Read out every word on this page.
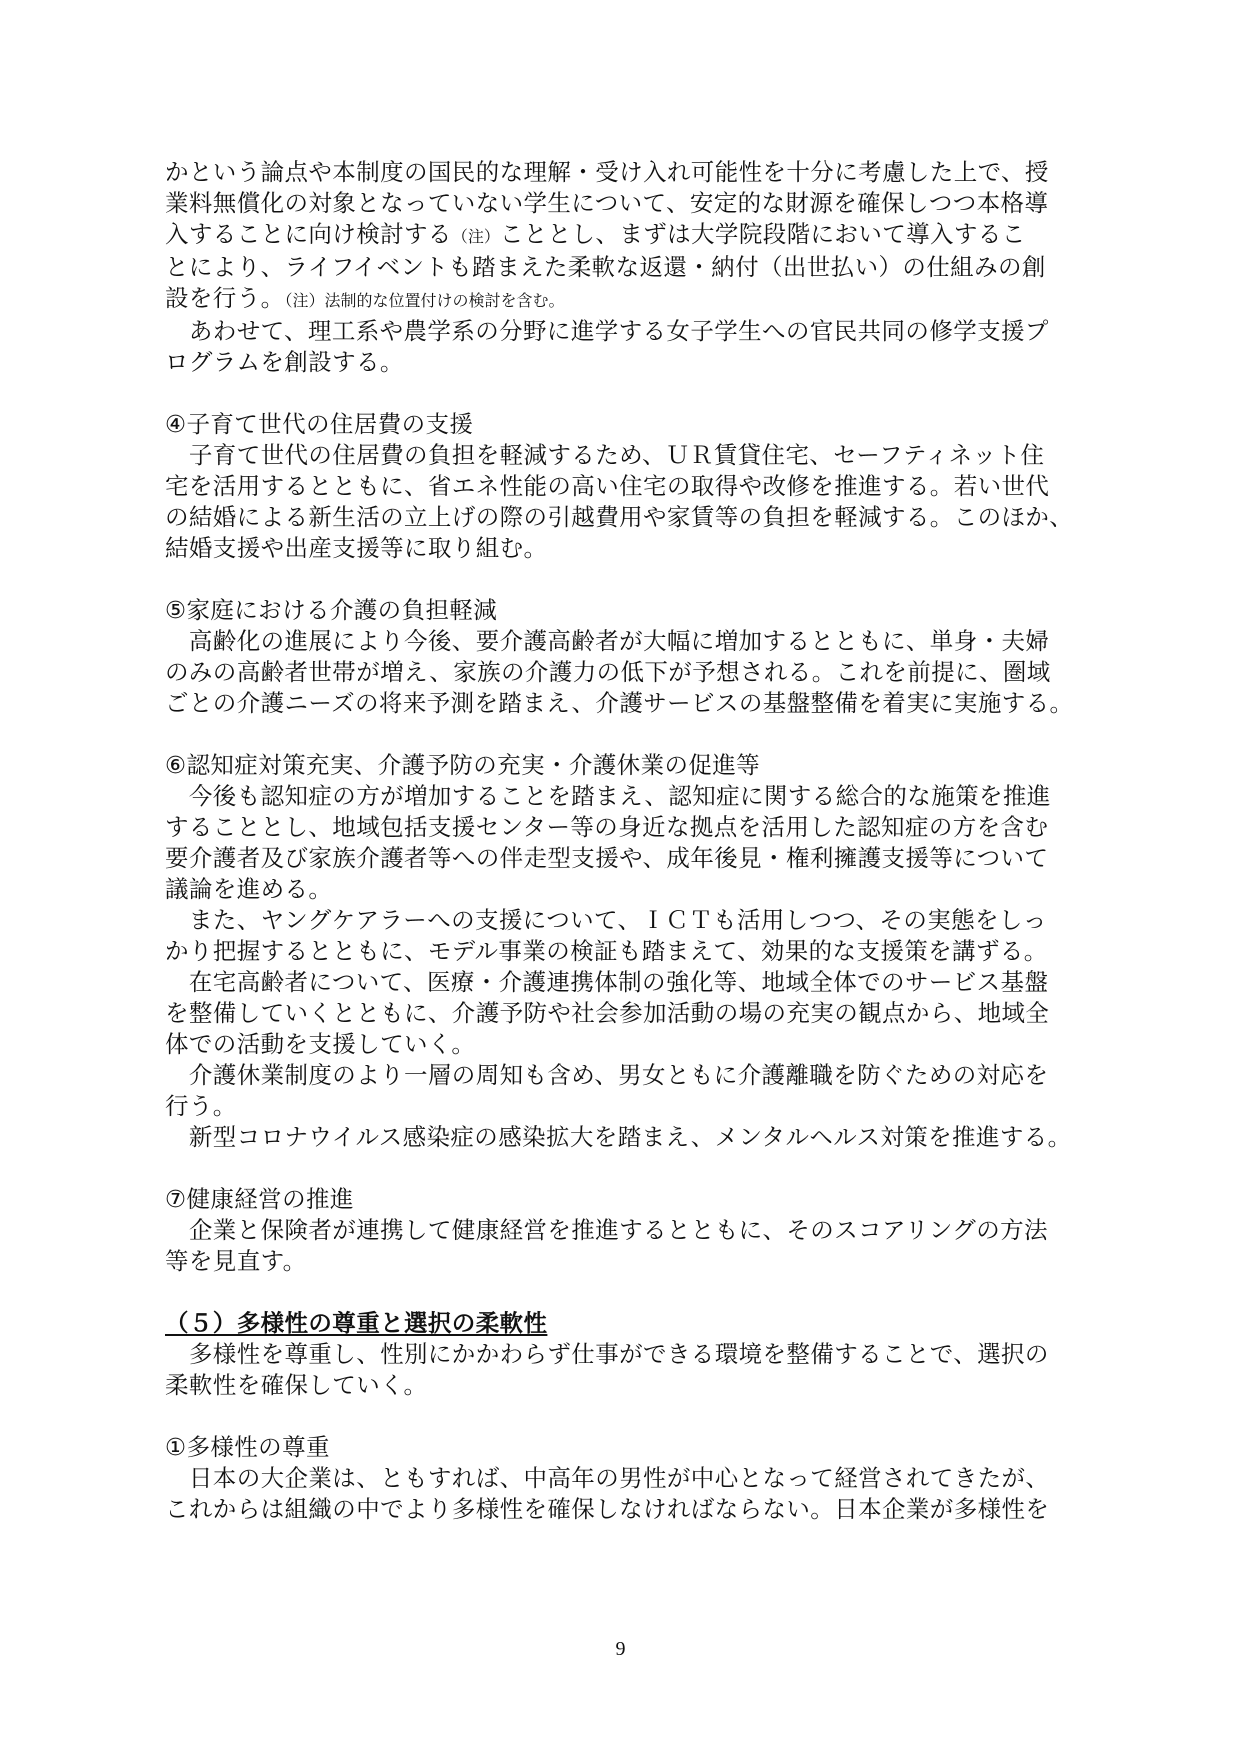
かという論点や本制度の国民的な理解・受け入れ可能性を十分に考慮した上で、授
業料無償化の対象となっていない学生について、安定的な財源を確保しつつ本格導
入することに向け検討する（注）こととし、まずは大学院段階において導入するこ
とにより、ライフイベントも踏まえた柔軟な返還・納付（出世払い）の仕組みの創
設を行う。（注）法制的な位置付けの検討を含む。
　あわせて、理工系や農学系の分野に進学する女子学生への官民共同の修学支援プ
ログラムを創設する。
④子育て世代の住居費の支援
　子育て世代の住居費の負担を軽減するため、ＵＲ賃貸住宅、セーフティネット住
宅を活用するとともに、省エネ性能の高い住宅の取得や改修を推進する。若い世代
の結婚による新生活の立上げの際の引越費用や家賃等の負担を軽減する。このほか、
結婚支援や出産支援等に取り組む。
⑤家庭における介護の負担軽減
　高齢化の進展により今後、要介護高齢者が大幅に増加するとともに、単身・夫婦
のみの高齢者世帯が増え、家族の介護力の低下が予想される。これを前提に、圏域
ごとの介護ニーズの将来予測を踏まえ、介護サービスの基盤整備を着実に実施する。
⑥認知症対策充実、介護予防の充実・介護休業の促進等
　今後も認知症の方が増加することを踏まえ、認知症に関する総合的な施策を推進
することとし、地域包括支援センター等の身近な拠点を活用した認知症の方を含む
要介護者及び家族介護者等への伴走型支援や、成年後見・権利擁護支援等について
議論を進める。
　また、ヤングケアラーへの支援について、ＩＣＴも活用しつつ、その実態をしっ
かり把握するとともに、モデル事業の検証も踏まえて、効果的な支援策を講ずる。
　在宅高齢者について、医療・介護連携体制の強化等、地域全体でのサービス基盤
を整備していくとともに、介護予防や社会参加活動の場の充実の観点から、地域全
体での活動を支援していく。
　介護休業制度のより一層の周知も含め、男女ともに介護離職を防ぐための対応を
行う。
　新型コロナウイルス感染症の感染拡大を踏まえ、メンタルヘルス対策を推進する。
⑦健康経営の推進
　企業と保険者が連携して健康経営を推進するとともに、そのスコアリングの方法
等を見直す。
（５）多様性の尊重と選択の柔軟性
　多様性を尊重し、性別にかかわらず仕事ができる環境を整備することで、選択の
柔軟性を確保していく。
①多様性の尊重
　日本の大企業は、ともすれば、中高年の男性が中心となって経営されてきたが、
これからは組織の中でより多様性を確保しなければならない。日本企業が多様性を
9
